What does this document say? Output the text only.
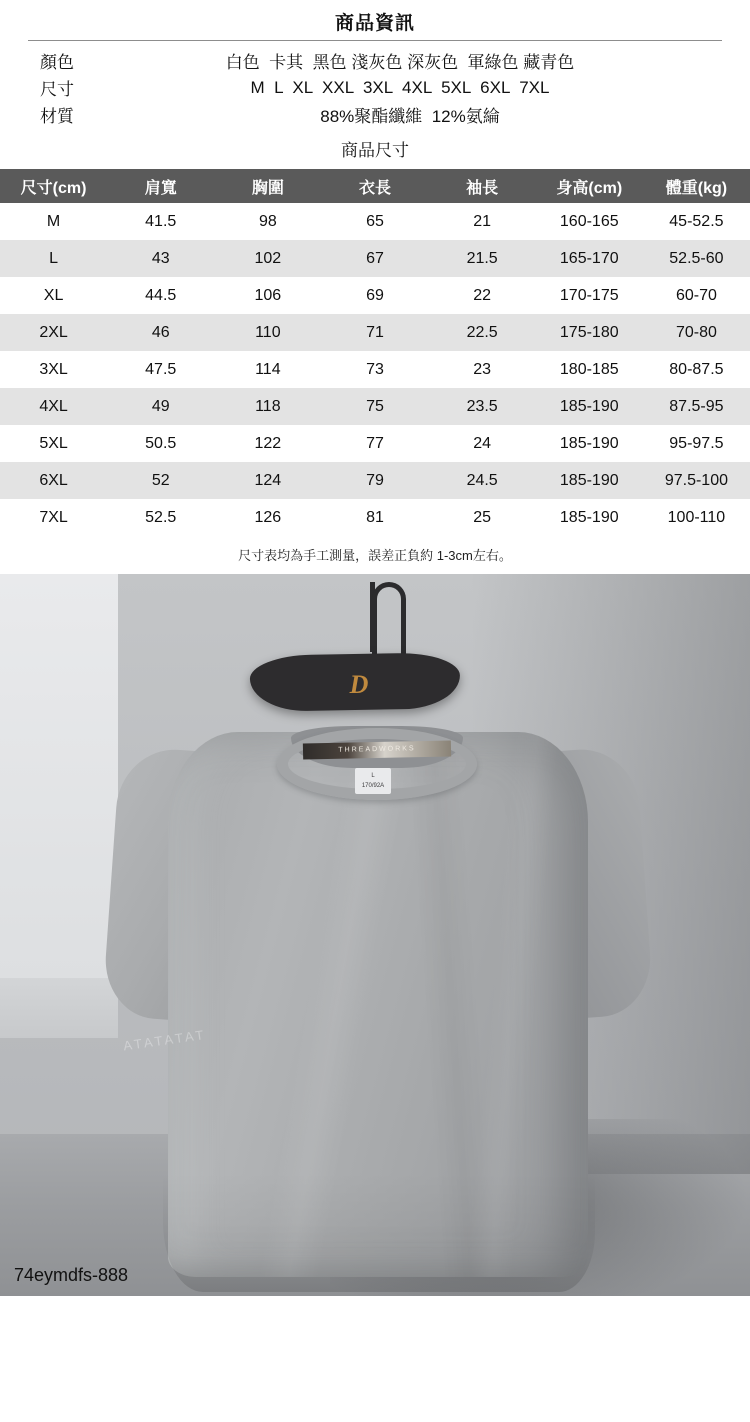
商品資訊
顏色	白色  卡其  黑色 淺灰色 深灰色  軍綠色 藏青色
尺寸	M  L  XL  XXL  3XL  4XL  5XL  6XL  7XL
材質	88%聚酯纖維  12%氨綸
商品尺寸
尺寸(cm)	肩寬	胸圍	衣長	袖長	身高(cm)	體重(kg)
M	41.5	98	65	21	160-165	45-52.5
L	43	102	67	21.5	165-170	52.5-60
XL	44.5	106	69	22	170-175	60-70
2XL	46	110	71	22.5	175-180	70-80
3XL	47.5	114	73	23	180-185	80-87.5
4XL	49	118	75	23.5	185-190	87.5-95
5XL	50.5	122	77	24	185-190	95-97.5
6XL	52	124	79	24.5	185-190	97.5-100
7XL	52.5	126	81	25	185-190	100-110
尺寸表均為手工測量，誤差正負約 1-3cm左右。
D
THREADWORKS
L
170/92A
ATATATAT
74eymdfs-888
